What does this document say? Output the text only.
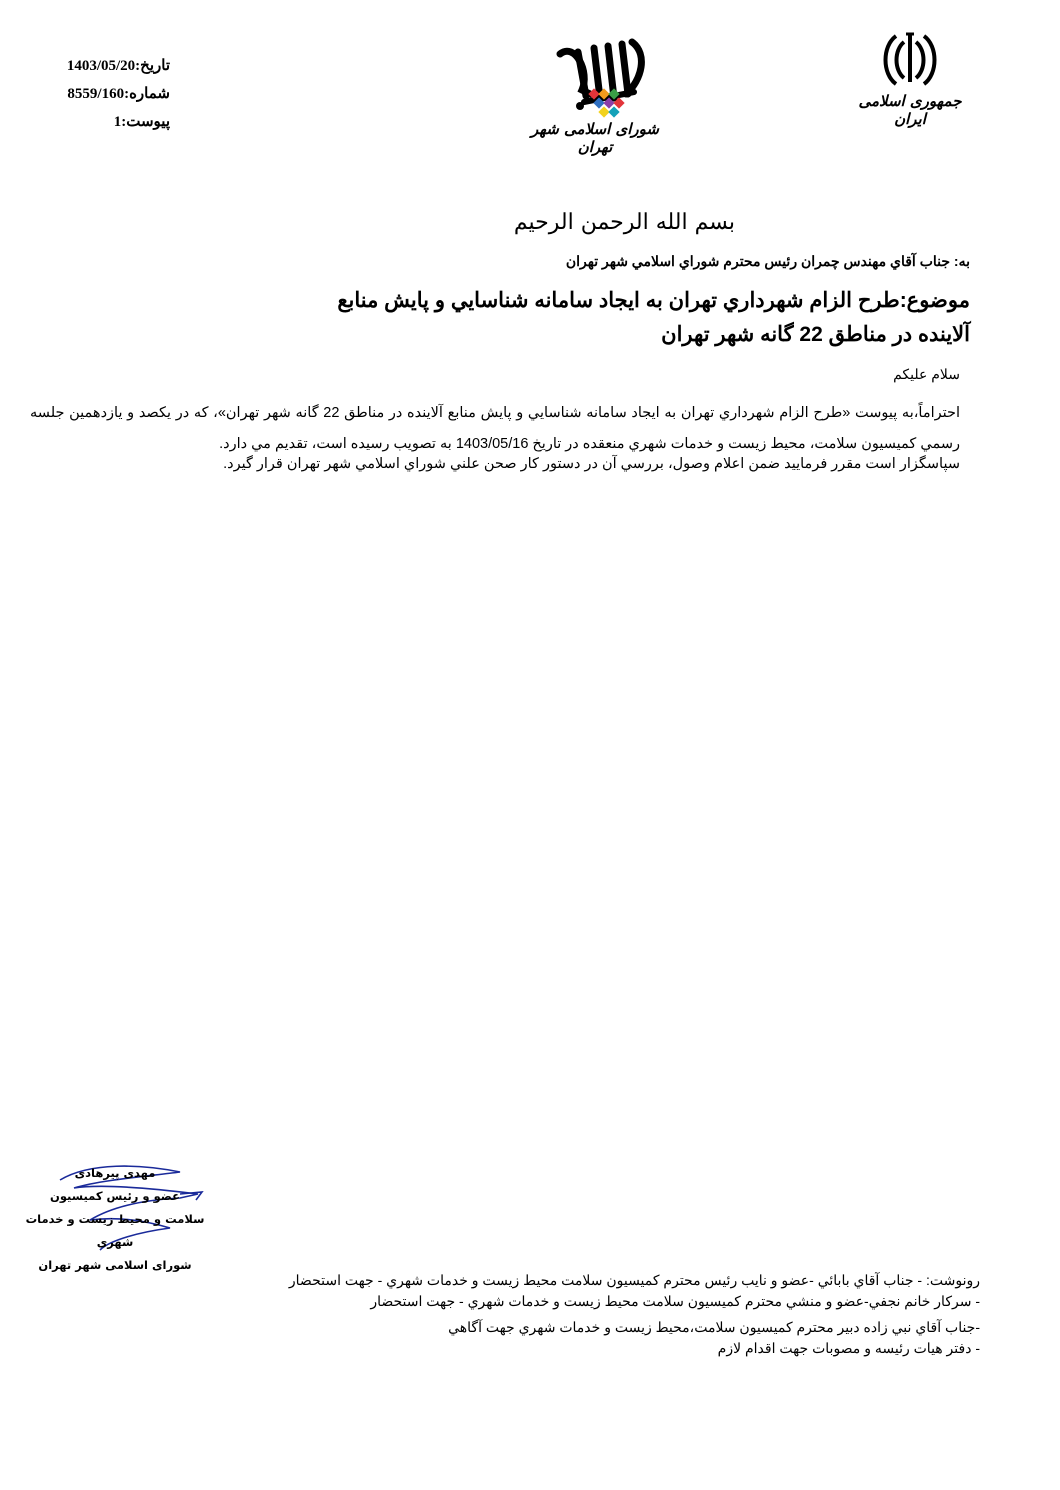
تاريخ:1403/05/20
شماره:8559/160
پيوست:1	شورای اسلامی شهر تهران
جمهوری اسلامی ایران
بسم الله الرحمن الرحيم
به: جناب آقاي مهندس چمران رئيس محترم شوراي اسلامي شهر تهران
موضوع:طرح الزام شهرداري تهران به ايجاد سامانه شناسايي و پايش منابع آلاينده در مناطق 22 گانه شهر تهران
سلام عليكم
احتراماً،به پيوست «طرح الزام شهرداري تهران به ايجاد سامانه شناسايي و پايش منابع آلاينده در مناطق 22 گانه شهر تهران»، كه در يكصد و يازدهمين جلسه رسمي كميسيون سلامت، محيط زيست و خدمات شهري منعقده در تاريخ 1403/05/16 به تصويب رسيده است، تقديم مي دارد.
سپاسگزار است مقرر فرماييد ضمن اعلام وصول، بررسي آن در دستور كار صحن علني شوراي اسلامي شهر تهران قرار گيرد.
مهدی پیرهادی
عضو و رئیس کمیسیون
سلامت و محیط زیست و خدمات شهری
شورای اسلامی شهر تهران
رونوشت: - جناب آقاي بابائي -عضو و نايب رئيس محترم كميسيون سلامت محيط زيست و خدمات شهري - جهت استحضار
- سركار خانم نجفي-عضو و منشي محترم كميسيون سلامت محيط زيست و خدمات شهري - جهت استحضار
-جناب آقاي نبي زاده دبير محترم كميسيون سلامت،محيط زيست و خدمات شهري جهت آگاهي
- دفتر هيات رئيسه و مصوبات جهت اقدام لازم
